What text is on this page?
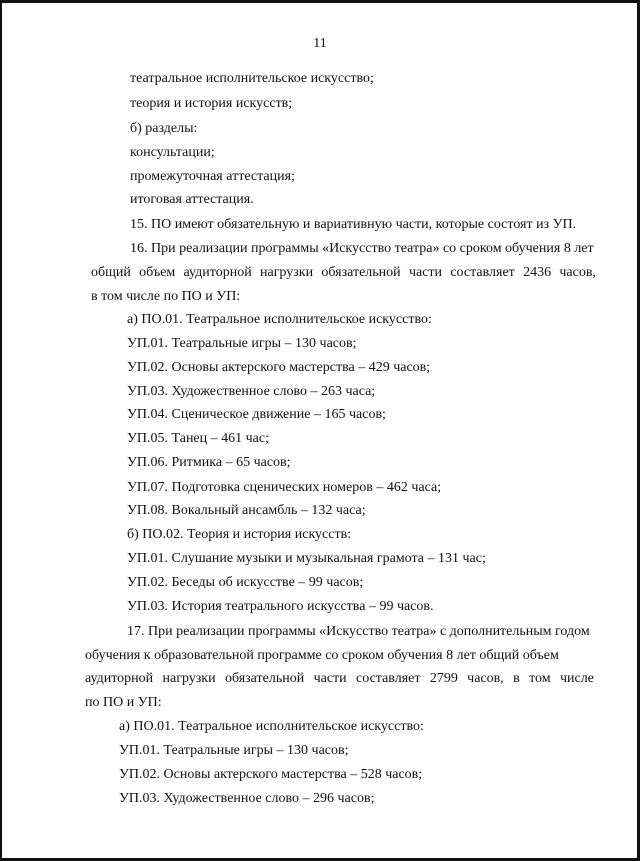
11
театральное исполнительское искусство;
теория и история искусств;
б) разделы:
консультации;
промежуточная аттестация;
итоговая аттестация.
15. ПО имеют обязательную и вариативную части, которые состоят из УП.
16. При реализации программы «Искусство театра» со сроком обучения 8 лет
общий объем аудиторной нагрузки обязательной части составляет 2436 часов,
в том числе по ПО и УП:
а) ПО.01. Театральное исполнительское искусство:
УП.01. Театральные игры – 130 часов;
УП.02. Основы актерского мастерства – 429 часов;
УП.03. Художественное слово – 263 часа;
УП.04. Сценическое движение – 165 часов;
УП.05. Танец – 461 час;
УП.06. Ритмика – 65 часов;
УП.07. Подготовка сценических номеров – 462 часа;
УП.08. Вокальный ансамбль – 132 часа;
б) ПО.02. Теория и история искусств:
УП.01. Слушание музыки и музыкальная грамота – 131 час;
УП.02. Беседы об искусстве – 99 часов;
УП.03. История театрального искусства – 99 часов.
17. При реализации программы «Искусство театра» с дополнительным годом
обучения к образовательной программе со сроком обучения 8 лет общий объем
аудиторной нагрузки обязательной части составляет 2799 часов, в том числе
по ПО и УП:
а) ПО.01. Театральное исполнительское искусство:
УП.01. Театральные игры – 130 часов;
УП.02. Основы актерского мастерства – 528 часов;
УП.03. Художественное слово – 296 часов;
